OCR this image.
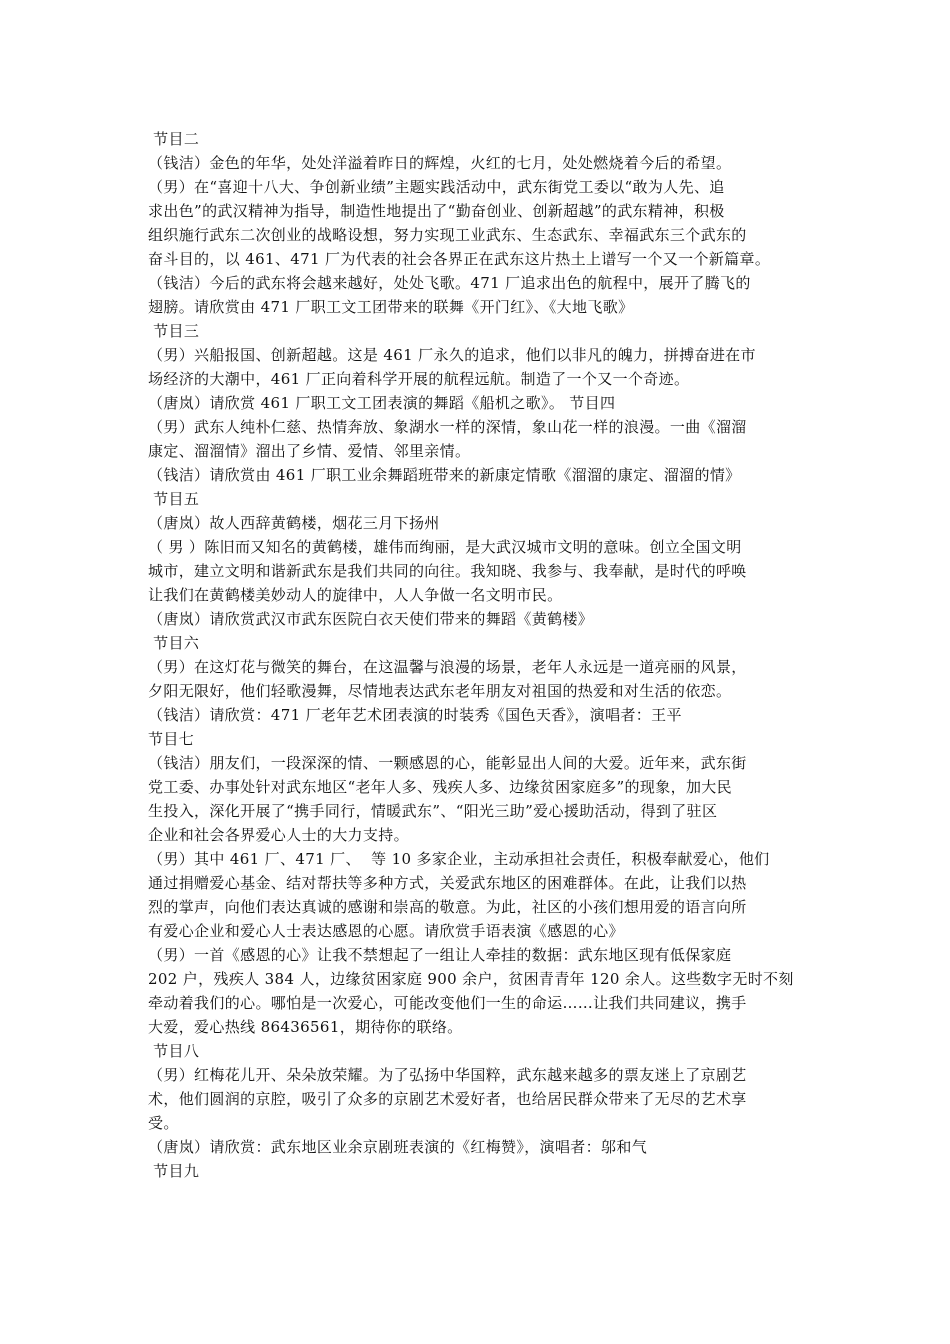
节目二
（钱洁）金色的年华，处处洋溢着昨日的辉煌，火红的七月，处处燃烧着今后的希望。
（男）在“喜迎十八大、争创新业绩”主题实践活动中，武东街党工委以“敢为人先、追
求出色”的武汉精神为指导，制造性地提出了“勤奋创业、创新超越”的武东精神，积极
组织施行武东二次创业的战略设想，努力实现工业武东、生态武东、幸福武东三个武东的
奋斗目的，以 461、471 厂为代表的社会各界正在武东这片热土上谱写一个又一个新篇章。
（钱洁）今后的武东将会越来越好，处处飞歌。471 厂追求出色的航程中，展开了腾飞的
翅膀。请欣赏由 471 厂职工文工团带来的联舞《开门红》、《大地飞歌》
节目三
（男）兴船报国、创新超越。这是 461 厂永久的追求，他们以非凡的魄力，拼搏奋进在市
场经济的大潮中，461 厂正向着科学开展的航程远航。制造了一个又一个奇迹。
（唐岚）请欣赏 461 厂职工文工团表演的舞蹈《船机之歌》。 节目四
（男）武东人纯朴仁慈、热情奔放、象湖水一样的深情，象山花一样的浪漫。一曲《溜溜
康定、溜溜情》溜出了乡情、爱情、邻里亲情。
（钱洁）请欣赏由 461 厂职工业余舞蹈班带来的新康定情歌《溜溜的康定、溜溜的情》
节目五
（唐岚）故人西辞黄鹤楼，烟花三月下扬州
（ 男 ）陈旧而又知名的黄鹤楼，雄伟而绚丽，是大武汉城市文明的意味。创立全国文明
城市，建立文明和谐新武东是我们共同的向往。我知晓、我参与、我奉献，是时代的呼唤
让我们在黄鹤楼美妙动人的旋律中，人人争做一名文明市民。
（唐岚）请欣赏武汉市武东医院白衣天使们带来的舞蹈《黄鹤楼》
节目六
（男）在这灯花与微笑的舞台，在这温馨与浪漫的场景，老年人永远是一道亮丽的风景，
夕阳无限好，他们轻歌漫舞，尽情地表达武东老年朋友对祖国的热爱和对生活的依恋。
（钱洁）请欣赏：471 厂老年艺术团表演的时装秀《国色天香》，演唱者：王平
节目七
（钱洁）朋友们，一段深深的情、一颗感恩的心，能彰显出人间的大爱。近年来，武东街
党工委、办事处针对武东地区“老年人多、残疾人多、边缘贫困家庭多”的现象，加大民
生投入，深化开展了“携手同行，情暖武东”、“阳光三助”爱心援助活动，得到了驻区
企业和社会各界爱心人士的大力支持。
（男）其中 461 厂、471 厂、  等 10 多家企业，主动承担社会责任，积极奉献爱心，他们
通过捐赠爱心基金、结对帮扶等多种方式，关爱武东地区的困难群体。在此，让我们以热
烈的掌声，向他们表达真诚的感谢和崇高的敬意。为此，社区的小孩们想用爱的语言向所
有爱心企业和爱心人士表达感恩的心愿。请欣赏手语表演《感恩的心》
（男）一首《感恩的心》让我不禁想起了一组让人牵挂的数据：武东地区现有低保家庭
202 户，残疾人 384 人，边缘贫困家庭 900 余户，贫困青青年 120 余人。这些数字无时不刻
牵动着我们的心。哪怕是一次爱心，可能改变他们一生的命运……让我们共同建议，携手
大爱，爱心热线 86436561，期待你的联络。
节目八
（男）红梅花儿开、朵朵放荣耀。为了弘扬中华国粹，武东越来越多的票友迷上了京剧艺
术，他们圆润的京腔，吸引了众多的京剧艺术爱好者，也给居民群众带来了无尽的艺术享
受。
（唐岚）请欣赏：武东地区业余京剧班表演的《红梅赞》，演唱者：邬和气
节目九
